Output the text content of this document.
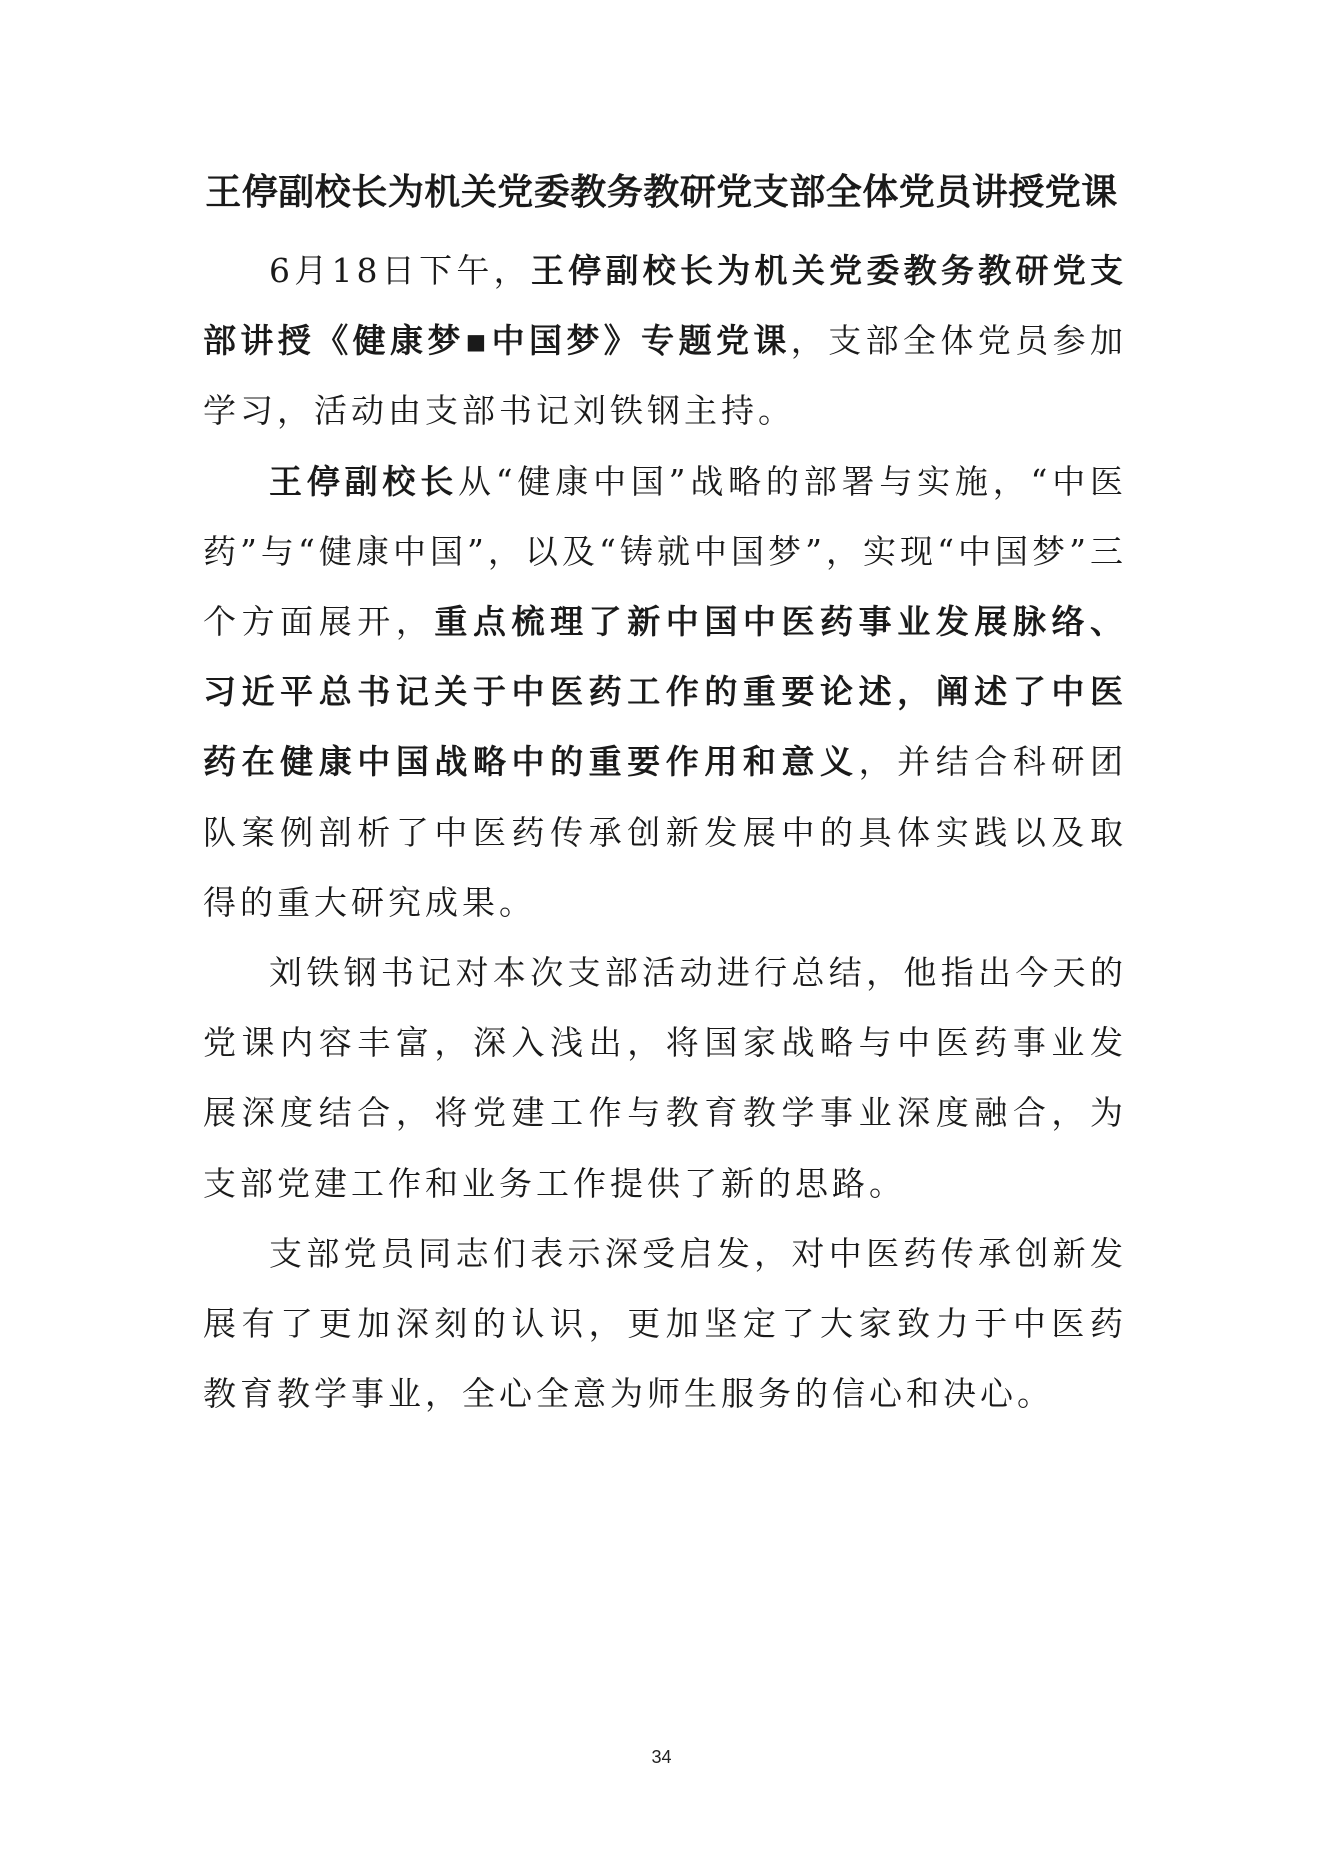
王停副校长为机关党委教务教研党支部全体党员讲授党课

6月18日下午，王停副校长为机关党委教务教研党支部讲授《健康梦▪中国梦》专题党课，支部全体党员参加学习，活动由支部书记刘铁钢主持。

王停副校长从“健康中国”战略的部署与实施，“中医药”与“健康中国”，以及“铸就中国梦”，实现“中国梦”三个方面展开，重点梳理了新中国中医药事业发展脉络、习近平总书记关于中医药工作的重要论述，阐述了中医药在健康中国战略中的重要作用和意义，并结合科研团队案例剖析了中医药传承创新发展中的具体实践以及取得的重大研究成果。

刘铁钢书记对本次支部活动进行总结，他指出今天的党课内容丰富，深入浅出，将国家战略与中医药事业发展深度结合，将党建工作与教育教学事业深度融合，为支部党建工作和业务工作提供了新的思路。

支部党员同志们表示深受启发，对中医药传承创新发展有了更加深刻的认识，更加坚定了大家致力于中医药教育教学事业，全心全意为师生服务的信心和决心。

34
